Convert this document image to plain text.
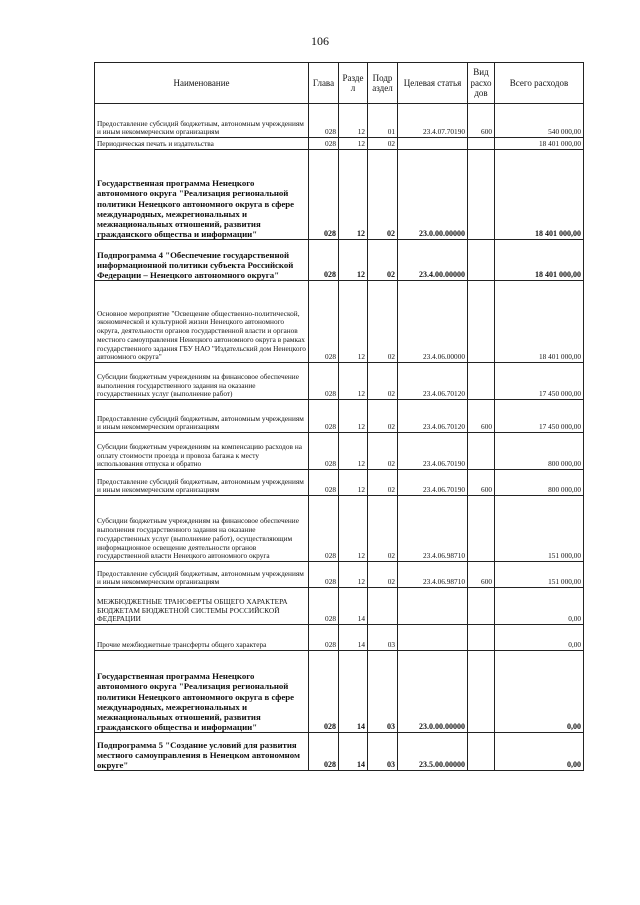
106
Наименование	Глава	Разде л	Подр аздел	Целевая статья	Вид расхо дов	Всего расходов
Предоставление субсидий бюджетным, автономным учреждениям и иным некоммерческим организациям	028	12	01	23.4.07.70190	600	540 000,00
Периодическая печать и издательства	028	12	02			18 401 000,00
Государственная программа Ненецкого автономного округа "Реализация региональной политики Ненецкого автономного округа в сфере международных, межрегиональных и межнациональных отношений, развития гражданского общества и информации"	028	12	02	23.0.00.00000		18 401 000,00
Подпрограмма 4 "Обеспечение государственной информационной политики субъекта Российской Федерации – Ненецкого автономного округа"	028	12	02	23.4.00.00000		18 401 000,00
Основное мероприятие "Освещение общественно-политической, экономической и культурной жизни Ненецкого автономного округа, деятельности органов государственной власти и органов местного самоуправления Ненецкого автономного округа в рамках государственного задания ГБУ НАО "Издательский дом Ненецкого автономного округа"	028	12	02	23.4.06.00000		18 401 000,00
Субсидии бюджетным учреждениям на финансовое обеспечение выполнения государственного задания на оказание государственных услуг (выполнение работ)	028	12	02	23.4.06.70120		17 450 000,00
Предоставление субсидий бюджетным, автономным учреждениям и иным некоммерческим организациям	028	12	02	23.4.06.70120	600	17 450 000,00
Субсидии бюджетным учреждениям на компенсацию расходов на оплату стоимости проезда и провоза багажа к месту использования отпуска и обратно	028	12	02	23.4.06.70190		800 000,00
Предоставление субсидий бюджетным, автономным учреждениям и иным некоммерческим организациям	028	12	02	23.4.06.70190	600	800 000,00
Субсидии бюджетным учреждениям на финансовое обеспечение выполнения государственного задания на оказание государственных услуг (выполнение работ), осуществляющим информационное освещение деятельности органов государственной власти Ненецкого автономного округа	028	12	02	23.4.06.98710		151 000,00
Предоставление субсидий бюджетным, автономным учреждениям и иным некоммерческим организациям	028	12	02	23.4.06.98710	600	151 000,00
МЕЖБЮДЖЕТНЫЕ ТРАНСФЕРТЫ ОБЩЕГО ХАРАКТЕРА БЮДЖЕТАМ БЮДЖЕТНОЙ СИСТЕМЫ РОССИЙСКОЙ ФЕДЕРАЦИИ	028	14				0,00
Прочие межбюджетные трансферты общего характера	028	14	03			0,00
Государственная программа Ненецкого автономного округа "Реализация региональной политики Ненецкого автономного округа в сфере международных, межрегиональных и межнациональных отношений, развития гражданского общества и информации"	028	14	03	23.0.00.00000		0,00
Подпрограмма 5 "Создание условий для развития местного самоуправления в Ненецком автономном округе"	028	14	03	23.5.00.00000		0,00
